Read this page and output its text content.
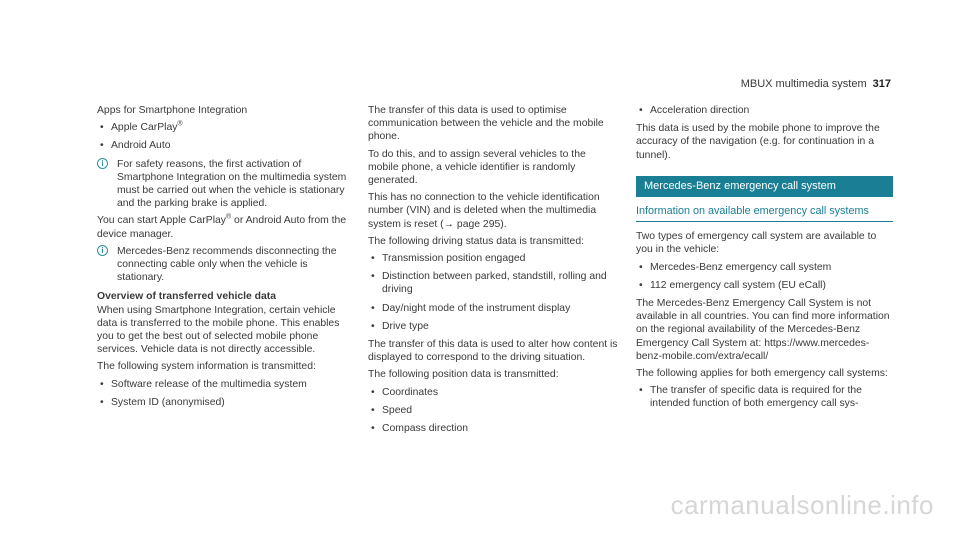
MBUX multimedia system 317

Apps for Smartphone Integration

• Apple CarPlay®
• Android Auto
i	For safety reasons, the first activation of Smartphone Integration on the multimedia system must be carried out when the vehicle is stationary and the parking brake is applied.

You can start Apple CarPlay® or Android Auto from the device manager.

i	Mercedes-Benz recommends disconnecting the connecting cable only when the vehicle is stationary.

Overview of transferred vehicle data

When using Smartphone Integration, certain vehicle data is transferred to the mobile phone. This enables you to get the best out of selected mobile phone services. Vehicle data is not directly accessible.

The following system information is transmitted:

• Software release of the multimedia system
• System ID (anonymised)

The transfer of this data is used to optimise communication between the vehicle and the mobile phone.

To do this, and to assign several vehicles to the mobile phone, a vehicle identifier is randomly generated.

This has no connection to the vehicle identification number (VIN) and is deleted when the multimedia system is reset (→ page 295).

The following driving status data is transmitted:

• Transmission position engaged
• Distinction between parked, standstill, rolling and driving
• Day/night mode of the instrument display
• Drive type

The transfer of this data is used to alter how content is displayed to correspond to the driving situation.

The following position data is transmitted:

• Coordinates
• Speed
• Compass direction
• Acceleration direction

This data is used by the mobile phone to improve the accuracy of the navigation (e.g. for continuation in a tunnel).

Mercedes-Benz emergency call system
Information on available emergency call systems

Two types of emergency call system are available to you in the vehicle:

• Mercedes-Benz emergency call system
• 112 emergency call system (EU eCall)

The Mercedes-Benz Emergency Call System is not available in all countries. You can find more information on the regional availability of the Mercedes-Benz Emergency Call System at: https://www.mercedes-benz-mobile.com/extra/ecall/

The following applies for both emergency call systems:

• The transfer of specific data is required for the intended function of both emergency call sys-
carmanualsonline.info
